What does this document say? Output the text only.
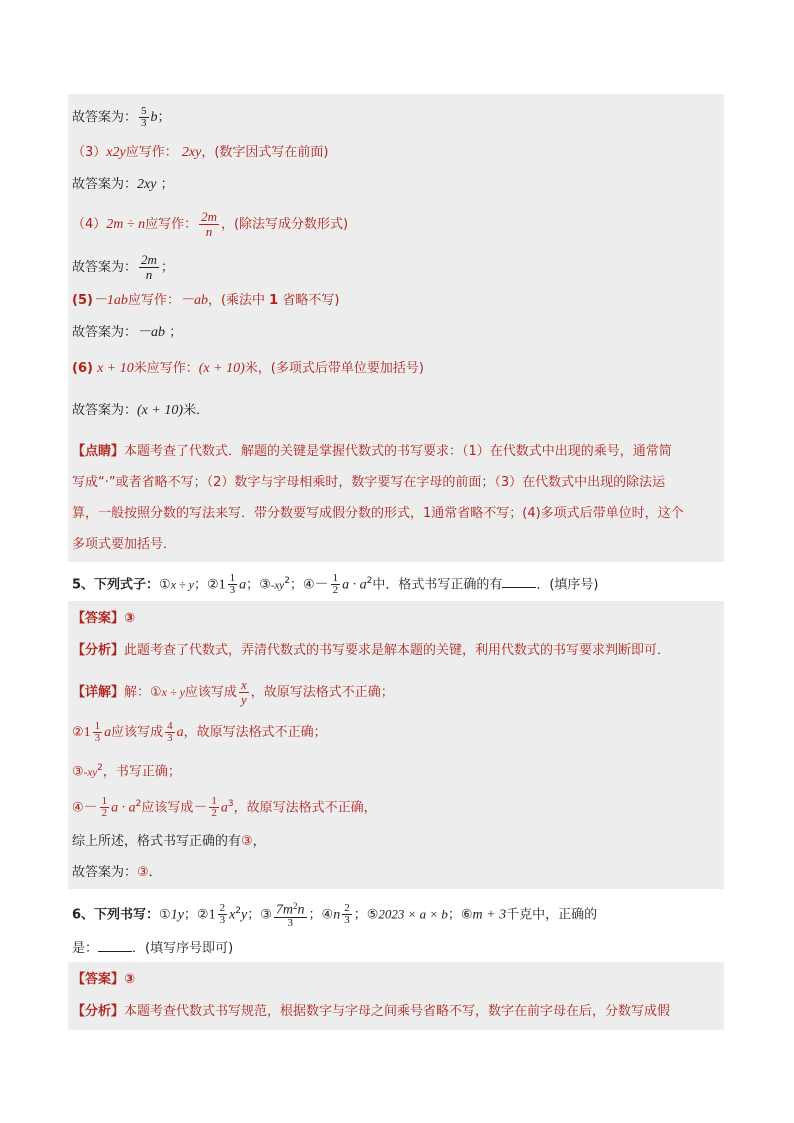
故答案为： $\frac{5}{3}$ b；
（3）x2y应写作： 2xy，(数字因式写在前面)
故答案为：2xy ；
（4）2m ÷ n应写作： $\frac{2m}{n}$ ，(除法写成分数形式)
故答案为： $\frac{2m}{n}$ ；
(5)－1ab应写作：－ab，(乘法中 1 省略不写)
故答案为：－ab ；
(6) x + 10米应写作：(x + 10)米，(多项式后带单位要加括号)
故答案为：(x + 10)米．
【点睛】本题考查了代数式．解题的关键是掌握代数式的书写要求：（1）在代数式中出现的乘号，通常简
写成“·”或者省略不写；（2）数字与字母相乘时，数字要写在字母的前面；（3）在代数式中出现的除法运
算，一般按照分数的写法来写．带分数要写成假分数的形式，1通常省略不写；(4)多项式后带单位时，这个
多项式要加括号．
5、下列式子：①x ÷ y；②1 $\frac{1}{3}$ a；$③-xy^2$；④－ $\frac{1}{2}$ $a \cdot a^2$中．格式书写正确的有	．(填序号)
【答案】③
【分析】此题考查了代数式，弄清代数式的书写要求是解本题的关键，利用代数式的书写要求判断即可．
【详解】解：①x ÷ y应该写成 $\frac{x}{y}$ ，故原写法格式不正确；
②1 $\frac{1}{3}$ a应该写成 $\frac{4}{3}$ a，故原写法格式不正确；
$③-xy^2$，书写正确；
④－ $\frac{1}{2}$ $a \cdot a^2$应该写成－ $\frac{1}{2} a^3$，故原写法格式不正确，
综上所述，格式书写正确的有③，
故答案为：③．
6、下列书写：①1y；②1 $\frac{2}{3} x^2y$；③ $\frac{7m^2n}{3}$ ；④n $\frac{2}{3}$ ；⑤2023 × a × b；⑥m + 3千克中，正确的
是：	．(填写序号即可)
【答案】③
【分析】本题考查代数式书写规范，根据数字与字母之间乘号省略不写，数字在前字母在后，分数写成假
